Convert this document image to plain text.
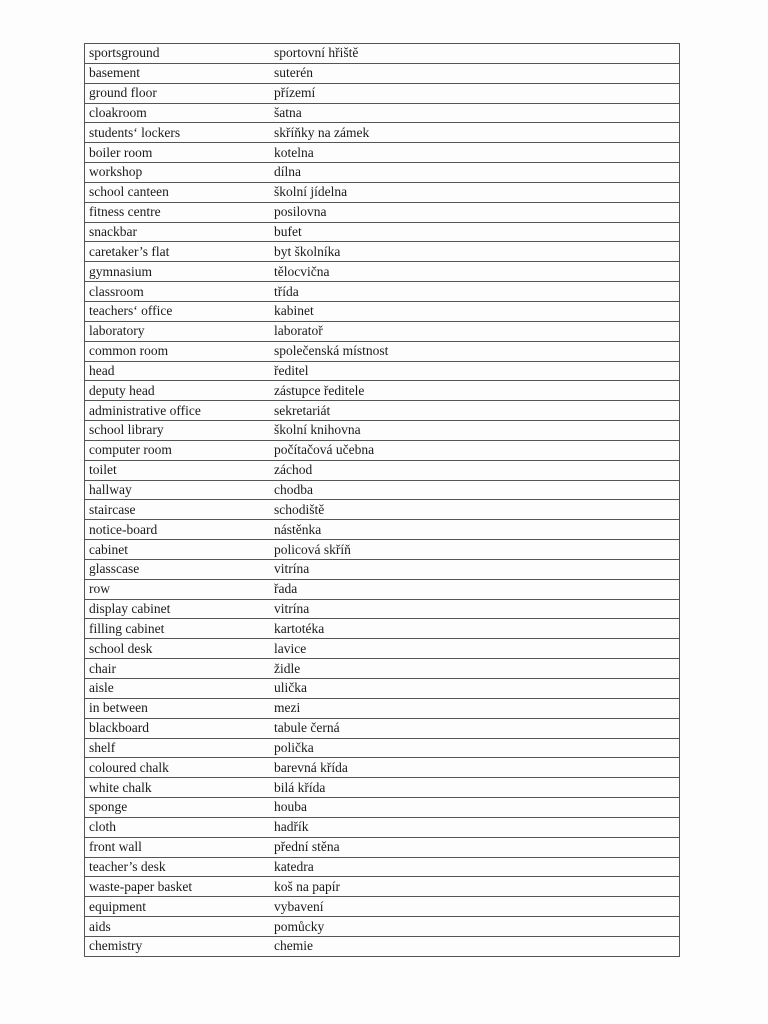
sportsground	sportovní hřiště
basement	suterén
ground floor	přízemí
cloakroom	šatna
students‘ lockers	skříňky na zámek
boiler room	kotelna
workshop	dílna
school canteen	školní jídelna
fitness centre	posilovna
snackbar	bufet
caretaker’s flat	byt školníka
gymnasium	tělocvična
classroom	třída
teachers‘ office	kabinet
laboratory	laboratoř
common room	společenská místnost
head	ředitel
deputy head	zástupce ředitele
administrative office	sekretariát
school library	školní knihovna
computer room	počítačová učebna
toilet	záchod
hallway	chodba
staircase	schodiště
notice-board	nástěnka
cabinet	policová skříň
glasscase	vitrína
row	řada
display cabinet	vitrína
filling cabinet	kartotéka
school desk	lavice
chair	židle
aisle	ulička
in between	mezi
blackboard	tabule černá
shelf	polička
coloured chalk	barevná křída
white chalk	bilá křída
sponge	houba
cloth	hadřík
front wall	přední stěna
teacher’s desk	katedra
waste-paper basket	koš na papír
equipment	vybavení
aids	pomůcky
chemistry	chemie
